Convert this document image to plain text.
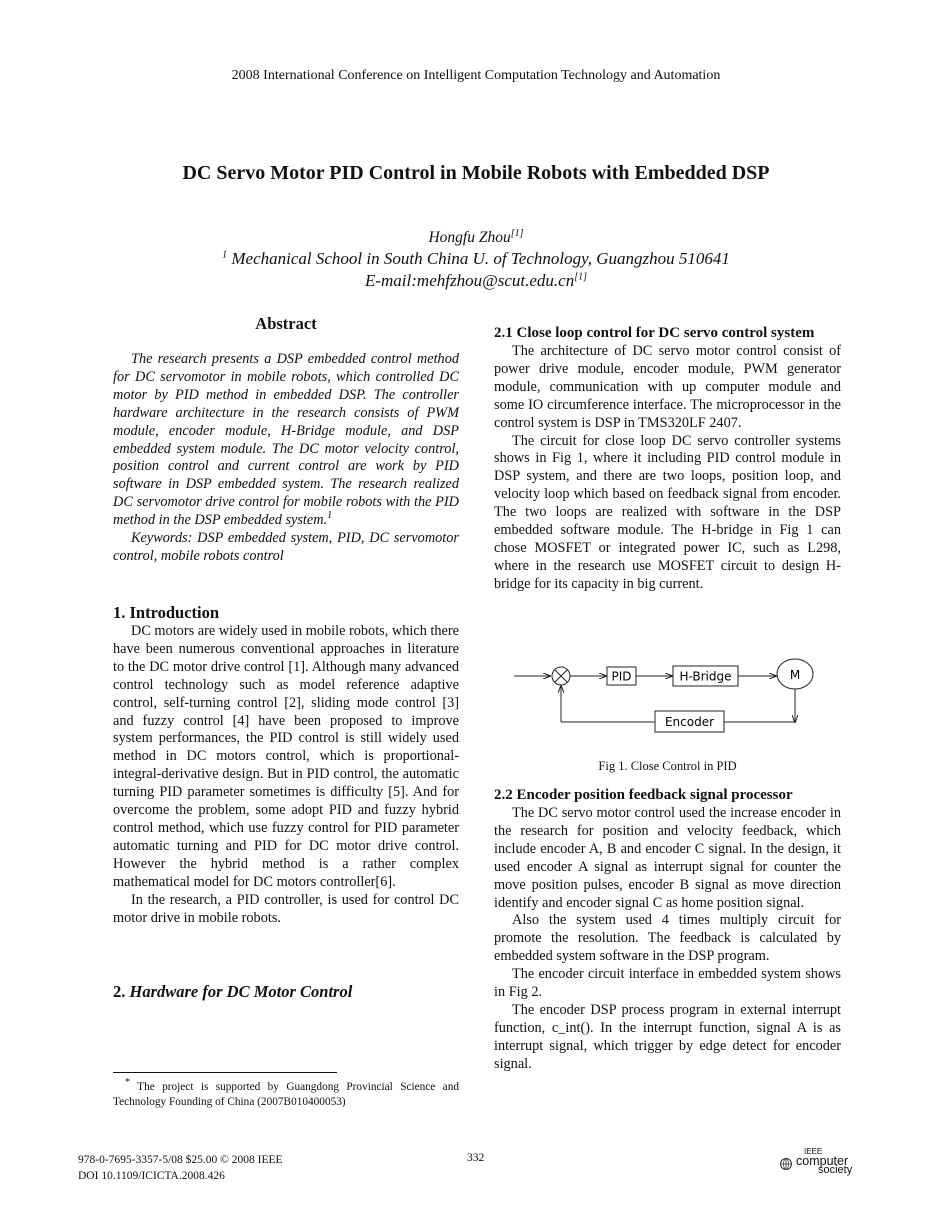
2008 International Conference on Intelligent Computation Technology and Automation
DC Servo Motor PID Control in Mobile Robots with Embedded DSP
Hongfu Zhou[1]
$^1$ Mechanical School in South China U. of Technology, Guangzhou 510641
E-mail:mehfzhou@scut.edu.cn[1]
Abstract

The research presents a DSP embedded control method for DC servomotor in mobile robots, which controlled DC motor by PID method in embedded DSP. The controller hardware architecture in the research consists of PWM module, encoder module, H-Bridge module, and DSP embedded system module. The DC motor velocity control, position control and current control are work by PID software in DSP embedded system. The research realized DC servomotor drive control for mobile robots with the PID method in the DSP embedded system.$^1$

Keywords: DSP embedded system, PID, DC servomotor control, mobile robots control

1. Introduction

DC motors are widely used in mobile robots, which there have been numerous conventional approaches in literature to the DC motor drive control [1]. Although many advanced control technology such as model reference adaptive control, self-turning control [2], sliding mode control [3] and fuzzy control [4] have been proposed to improve system performances, the PID control is still widely used method in DC motors control, which is proportional-integral-derivative design. But in PID control, the automatic turning PID parameter sometimes is difficulty [5]. And for overcome the problem, some adopt PID and fuzzy hybrid control method, which use fuzzy control for PID parameter automatic turning and PID for DC motor drive control. However the hybrid method is a rather complex mathematical model for DC motors controller[6].

In the research, a PID controller, is used for control DC motor drive in mobile robots.

2. Hardware for DC Motor Control
* The project is supported by Guangdong Provincial Science and Technology Founding of China (2007B010400053)
2.1 Close loop control for DC servo control system

The architecture of DC servo motor control consist of power drive module, encoder module, PWM generator module, communication with up computer module and some IO circumference interface. The microprocessor in the control system is DSP in TMS320LF 2407.

The circuit for close loop DC servo controller systems shows in Fig 1, where it including PID control module in DSP system, and there are two loops, position loop, and velocity loop which based on feedback signal from encoder. The two loops are realized with software in the DSP embedded software module. The H-bridge in Fig 1 can chose MOSFET or integrated power IC, such as L298, where in the research use MOSFET circuit to design H-bridge for its capacity in big current.

PID	H-Bridge	M
Encoder
Fig 1. Close Control in PID
2.2 Encoder position feedback signal processor

The DC servo motor control used the increase encoder in the research for position and velocity feedback, which include encoder A, B and encoder C signal. In the design, it used encoder A signal as interrupt signal for counter the move position pulses, encoder B signal as move direction identify and encoder signal C as home position signal.

Also the system used 4 times multiply circuit for promote the resolution. The feedback is calculated by embedded system software in the DSP program.

The encoder circuit interface in embedded system shows in Fig 2.

The encoder DSP process program in external interrupt function, c_int(). In the interrupt function, signal A is as interrupt signal, which trigger by edge detect for encoder signal.

978-0-7695-3357-5/08 $25.00 © 2008 IEEE
DOI 10.1109/ICICTA.2008.426
332
IEEE
computer
society
